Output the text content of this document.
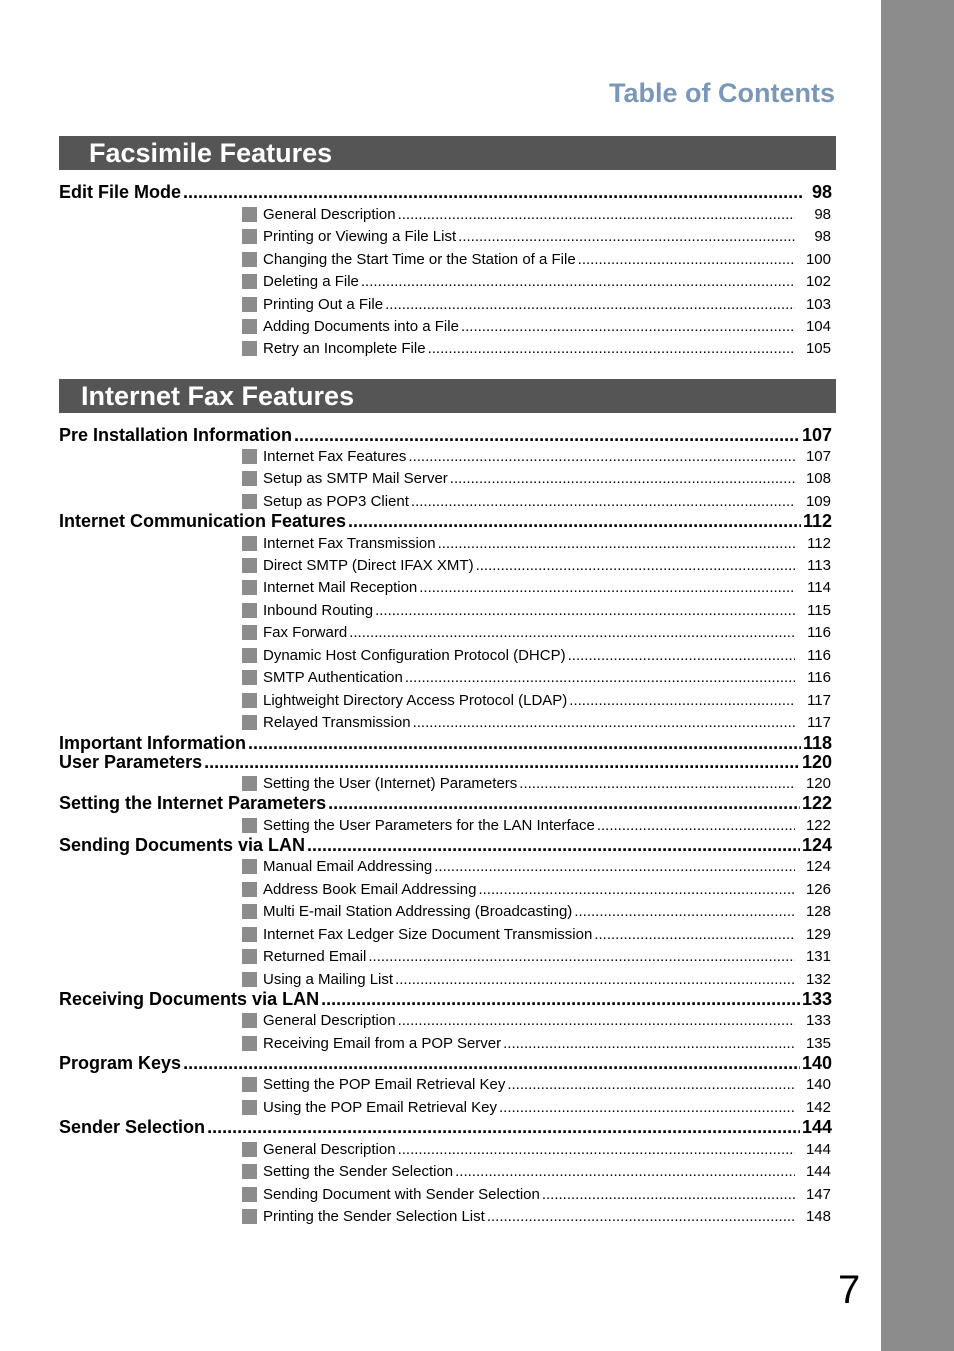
Table of Contents
Facsimile Features
Internet Fax Features
Edit File Mode .....	98
General Description .....	98
Printing or Viewing a File List .....	98
Changing the Start Time or the Station of a File .....	100
Deleting a File .....	102
Printing Out a File .....	103
Adding Documents into a File .....	104
Retry an Incomplete File .....	105
Pre Installation Information .....	107
Internet Fax Features .....	107
Setup as SMTP Mail Server .....	108
Setup as POP3 Client .....	109
Internet Communication Features .....	112
Internet Fax Transmission .....	112
Direct SMTP (Direct IFAX XMT) .....	113
Internet Mail Reception .....	114
Inbound Routing .....	115
Fax Forward .....	116
Dynamic Host Configuration Protocol (DHCP) .....	116
SMTP Authentication .....	116
Lightweight Directory Access Protocol (LDAP) .....	117
Relayed Transmission .....	117
Important Information .....	118
User Parameters .....	120
Setting the User (Internet) Parameters .....	120
Setting the Internet Parameters .....	122
Setting the User Parameters for the LAN Interface .....	122
Sending Documents via LAN .....	124
Manual Email Addressing .....	124
Address Book Email Addressing .....	126
Multi E-mail Station Addressing (Broadcasting) .....	128
Internet Fax Ledger Size Document Transmission .....	129
Returned Email .....	131
Using a Mailing List .....	132
Receiving Documents via LAN .....	133
General Description .....	133
Receiving Email from a POP Server .....	135
Program Keys .....	140
Setting the POP Email Retrieval Key .....	140
Using the POP Email Retrieval Key .....	142
Sender Selection .....	144
General Description .....	144
Setting the Sender Selection .....	144
Sending Document with Sender Selection .....	147
Printing the Sender Selection List .....	148
7
